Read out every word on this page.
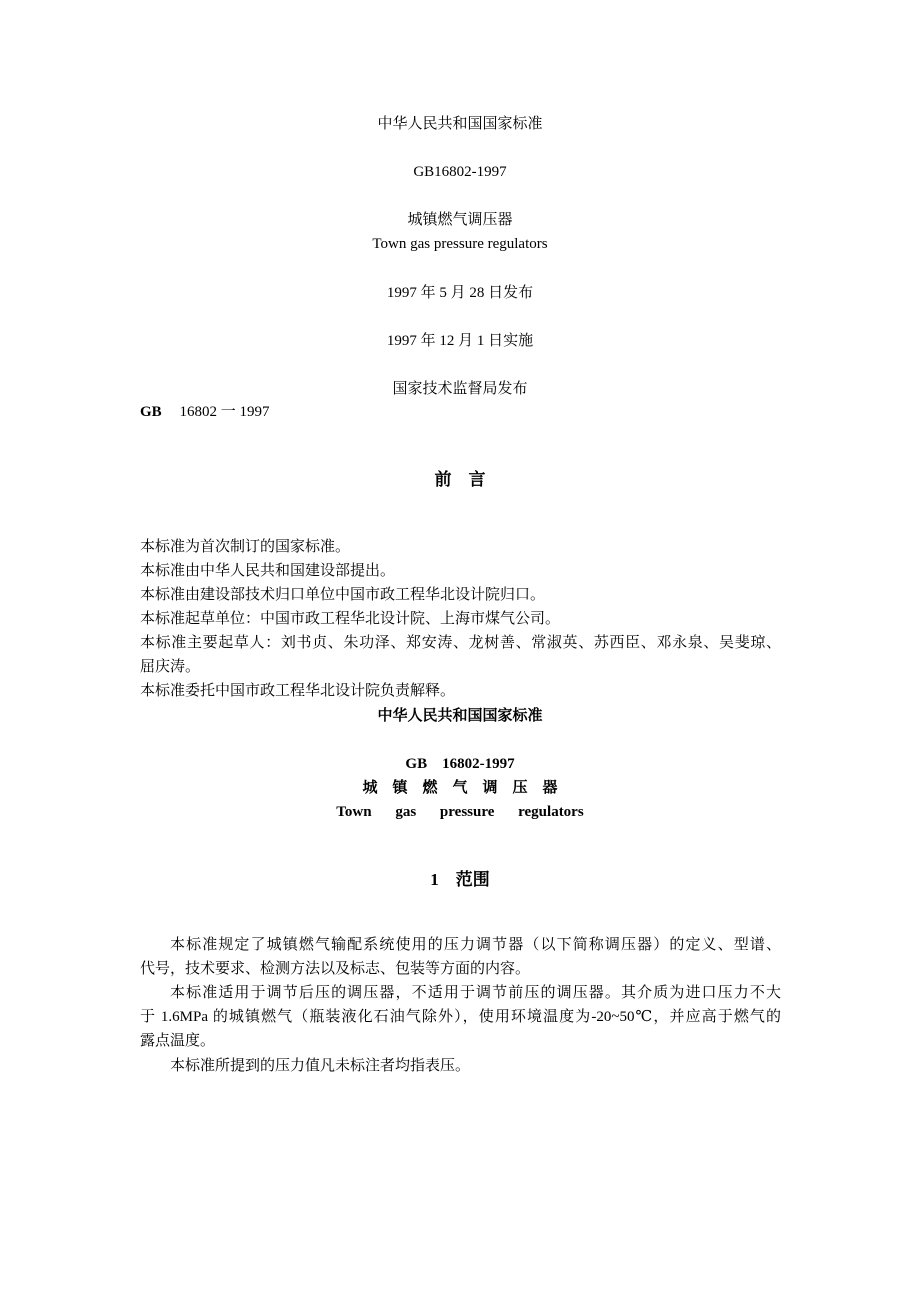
中华人民共和国国家标准
GB16802-1997
城镇燃气调压器
Town gas pressure regulators
1997 年 5 月 28 日发布
1997 年 12 月 1 日实施
国家技术监督局发布
GB 16802 一 1997
前　言
本标准为首次制订的国家标准。
本标准由中华人民共和国建设部提出。
本标准由建设部技术归口单位中国市政工程华北设计院归口。
本标准起草单位：中国市政工程华北设计院、上海市煤气公司。
本标准主要起草人：刘书贞、朱功泽、郑安涛、龙树善、常淑英、苏西臣、邓永泉、吴斐琼、
屈庆涛。
本标准委托中国市政工程华北设计院负责解释。
中华人民共和国国家标准
GB　16802-1997
城　镇　燃　气　调　压　器
Town gas pressure regulators
1　范围
本标准规定了城镇燃气输配系统使用的压力调节器（以下简称调压器）的定义、型谱、
代号，技术要求、检测方法以及标志、包装等方面的内容。
本标准适用于调节后压的调压器，不适用于调节前压的调压器。其介质为进口压力不大
于 1.6MPa 的城镇燃气（瓶装液化石油气除外），使用环境温度为-20~50℃，并应高于燃气的
露点温度。
本标准所提到的压力值凡未标注者均指表压。
